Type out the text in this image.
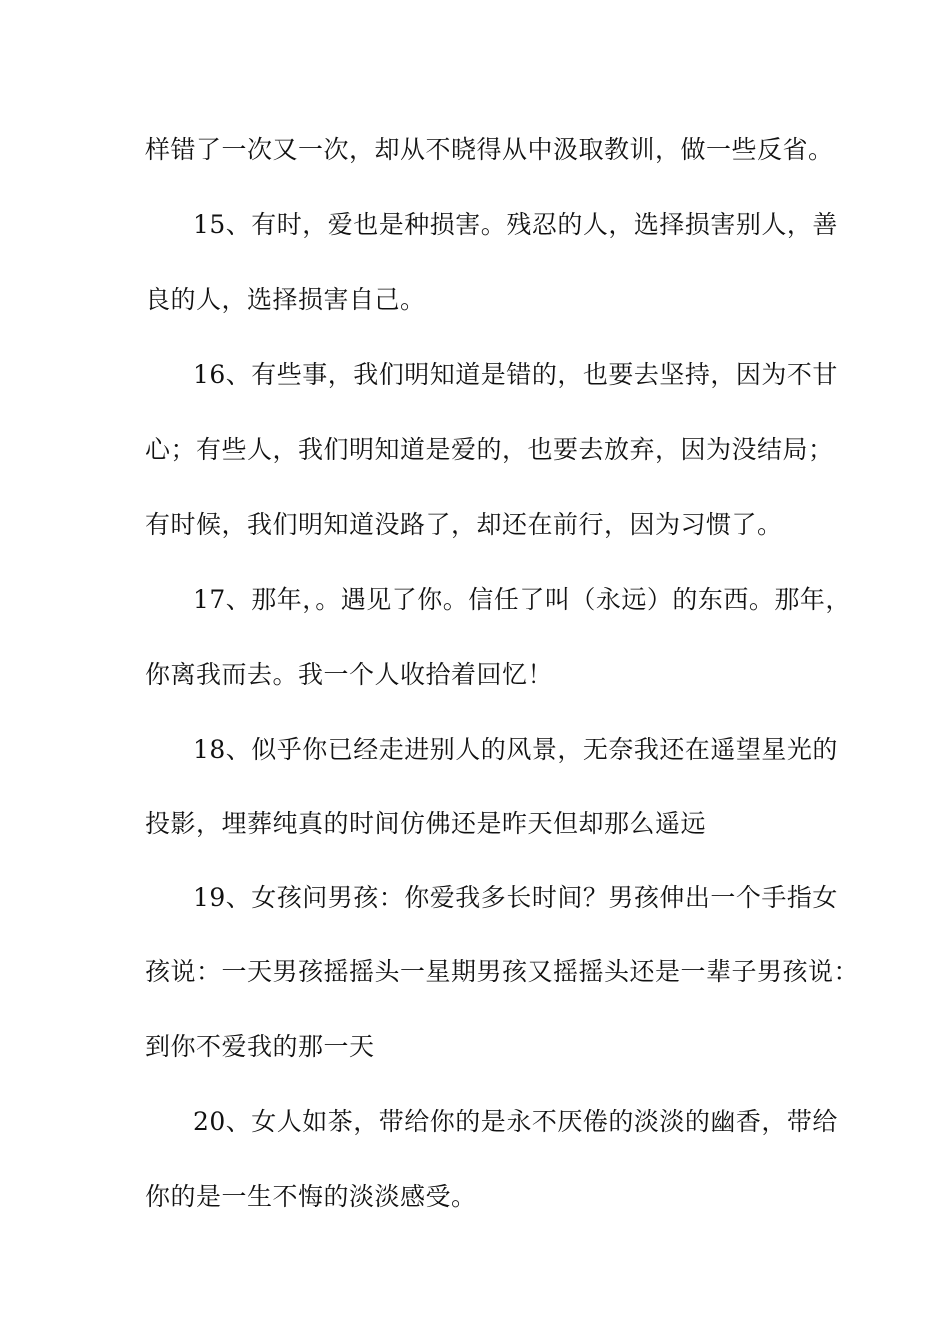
样错了一次又一次，却从不晓得从中汲取教训，做一些反省。
15、有时，爱也是种损害。残忍的人，选择损害别人，善
良的人，选择损害自己。
16、有些事，我们明知道是错的，也要去坚持，因为不甘
心；有些人，我们明知道是爱的，也要去放弃，因为没结局；
有时候，我们明知道没路了，却还在前行，因为习惯了。
17、那年，。遇见了你。信任了叫（永远）的东西。那年，
你离我而去。我一个人收拾着回忆！
18、似乎你已经走进别人的风景，无奈我还在遥望星光的
投影，埋葬纯真的时间仿佛还是昨天但却那么遥远
19、女孩问男孩：你爱我多长时间？男孩伸出一个手指女
孩说：一天男孩摇摇头一星期男孩又摇摇头还是一辈子男孩说：
到你不爱我的那一天
20、女人如茶，带给你的是永不厌倦的淡淡的幽香，带给
你的是一生不悔的淡淡感受。
